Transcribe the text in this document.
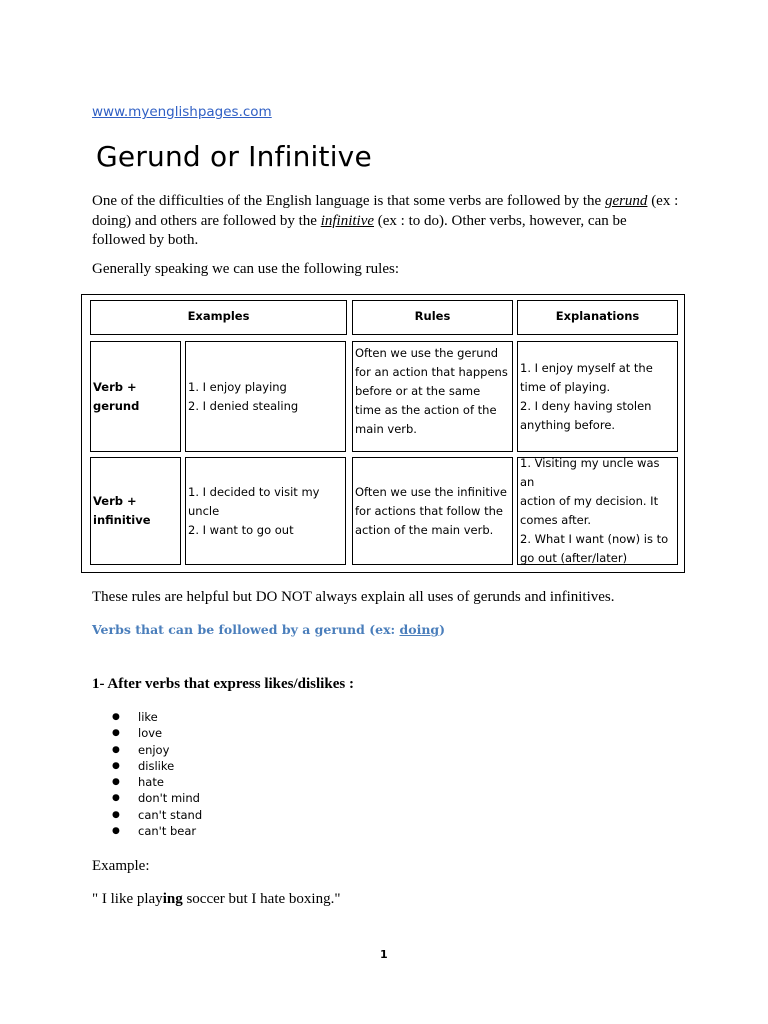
www.myenglishpages.com
Gerund or Infinitive
One of the difficulties of the English language is that some verbs are followed by the gerund (ex : doing) and others are followed by the infinitive (ex : to do). Other verbs, however, can be followed by both.
Generally speaking we can use the following rules:
Examples	Rules	Explanations
Verb + gerund
1. I enjoy playing
2. I denied stealing
Often we use the gerund
for an action that happens
before or at the same
time as the action of the
main verb.
1. I enjoy myself at the
time of playing.
2. I deny having stolen
anything before.
Verb +
infinitive
1. I decided to visit my
uncle
2. I want to go out
Often we use the infinitive
for actions that follow the
action of the main verb.
1. Visiting my uncle was an
action of my decision. It
comes after.
2. What I want (now) is to
go out (after/later)
These rules are helpful but DO NOT always explain all uses of gerunds and infinitives.
Verbs that can be followed by a gerund (ex: doing)
1- After verbs that express likes/dislikes :
● like
● love
● enjoy
● dislike
● hate
● don't mind
● can't stand
● can't bear
Example:
" I like playing soccer but I hate boxing."
1
